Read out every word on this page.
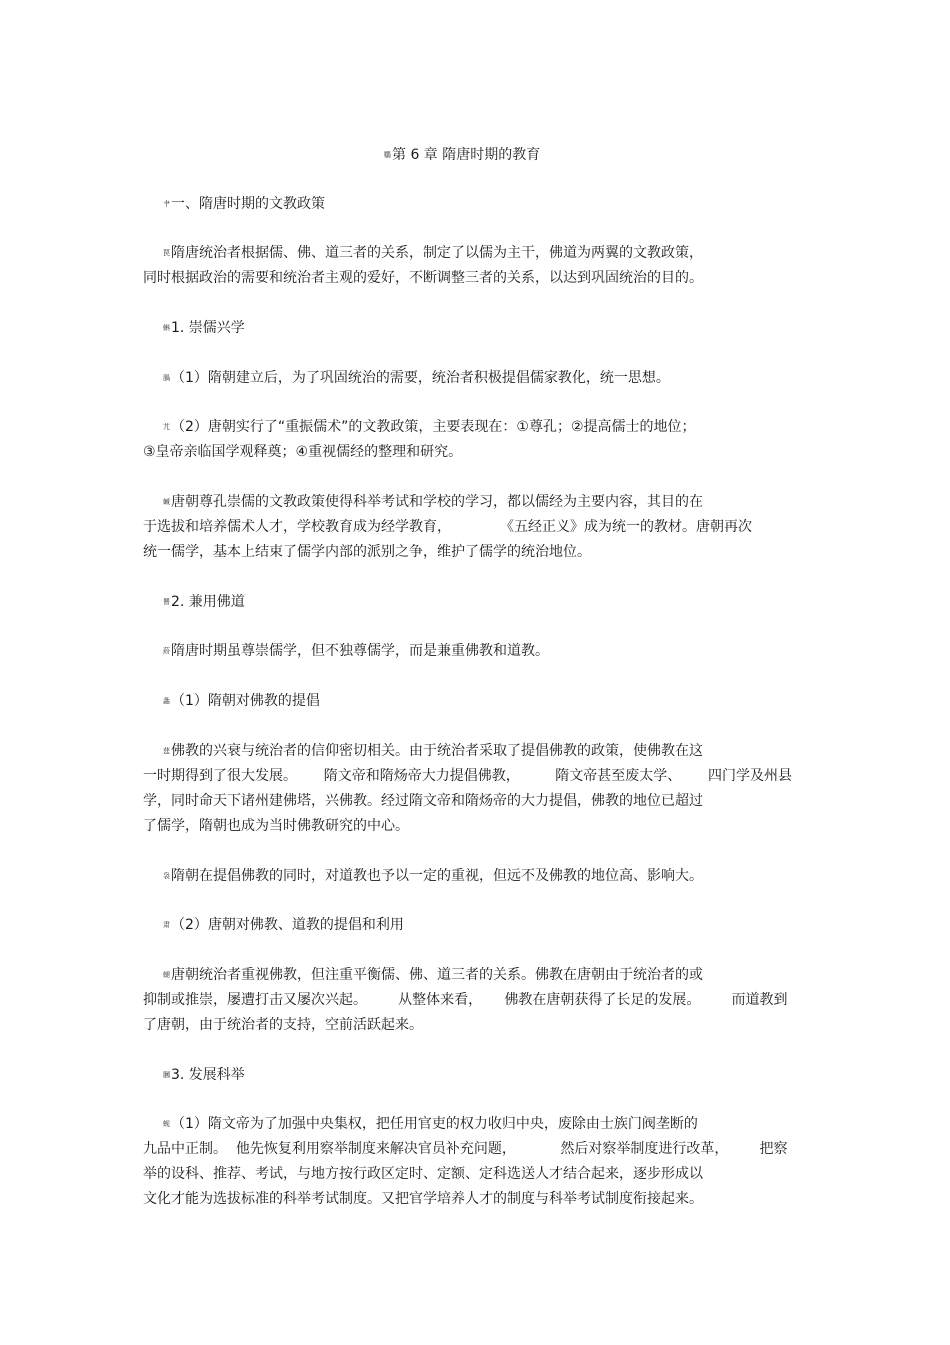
鸀第 6 章 隋唐时期的教育
肀一、隋唐时期的文教政策
罠隋唐统治者根据儒、佛、道三者的关系，制定了以儒为主干，佛道为两翼的文教政策，
同时根据政治的需要和统治者主观的爱好，不断调整三者的关系，以达到巩固统治的目的。
蝌1. 崇儒兴学
腡（1）隋朝建立后，为了巩固统治的需要，统治者积极提倡儒家教化，统一思想。
芁（2）唐朝实行了“重振儒术”的文教政策，主要表现在：①尊孔；②提高儒士的地位；
③皇帝亲临国学观释奠；④重视儒经的整理和研究。
蝛唐朝尊孔崇儒的文教政策使得科举考试和学校的学习，都以儒经为主要内容，其目的在
于选拔和培养儒术人才，学校教育成为经学教育，           《五经正义》成为统一的教材。唐朝再次
统一儒学，基本上结束了儒学内部的派别之争，维护了儒学的统治地位。
罾2. 兼用佛道
蒶隋唐时期虽尊崇儒学，但不独尊儒学，而是兼重佛教和道教。
螽（1）隋朝对佛教的提倡
莛佛教的兴衰与统治者的信仰密切相关。由于统治者采取了提倡佛教的政策，使佛教在这
一时期得到了很大发展。      隋文帝和隋炀帝大力提倡佛教，        隋文帝甚至废太学、      四门学及州县
学，同时命天下诸州建佛塔，兴佛教。经过隋文帝和隋炀帝的大力提倡，佛教的地位已超过
了儒学，隋朝也成为当时佛教研究的中心。
袅隋朝在提倡佛教的同时，对道教也予以一定的重视，但远不及佛教的地位高、影响大。
肃（2）唐朝对佛教、道教的提倡和利用
螁唐朝统治者重视佛教，但注重平衡儒、佛、道三者的关系。佛教在唐朝由于统治者的或
抑制或推崇，屡遭打击又屡次兴起。       从整体来看，     佛教在唐朝获得了长足的发展。       而道教到
了唐朝，由于统治者的支持，空前活跃起来。
膕3. 发展科举
蚬（1）隋文帝为了加强中央集权，把任用官吏的权力收归中央，废除由士族门阀垄断的
九品中正制。  他先恢复利用察举制度来解决官员补充问题，          然后对察举制度进行改革，       把察
举的设科、推荐、考试，与地方按行政区定时、定额、定科选送人才结合起来，逐步形成以
文化才能为选拔标准的科举考试制度。又把官学培养人才的制度与科举考试制度衔接起来。
